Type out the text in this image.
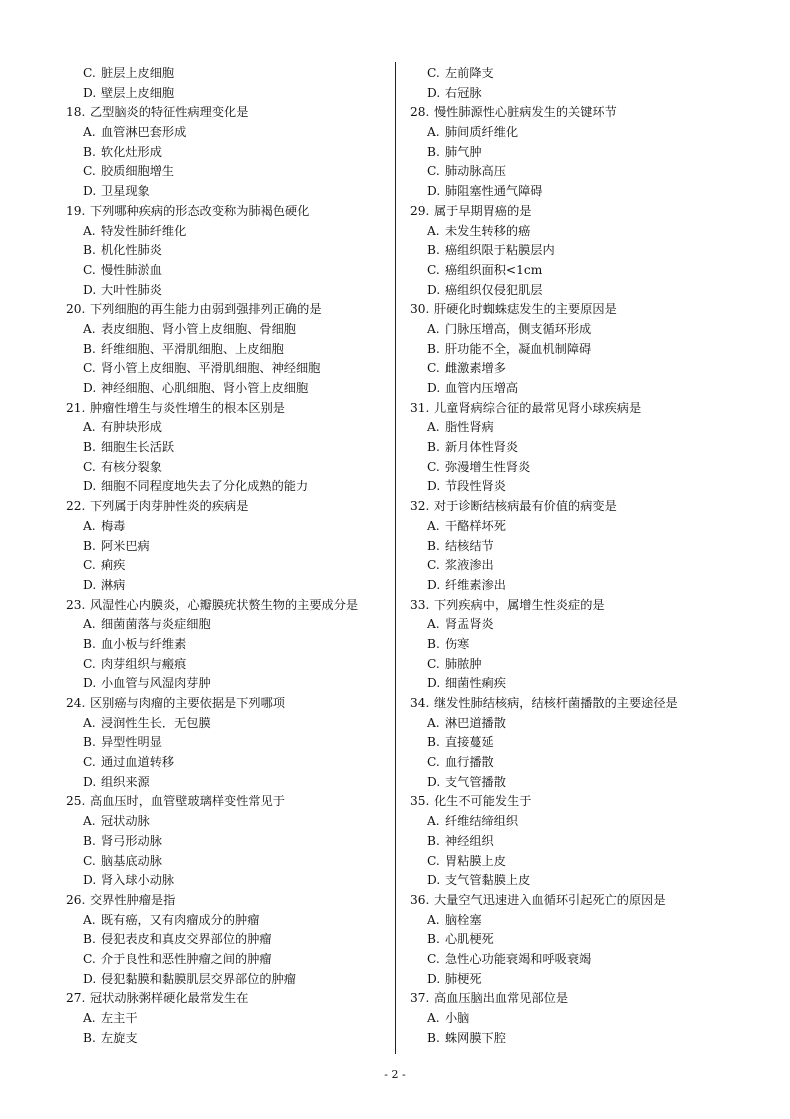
C. 脏层上皮细胞
D. 壁层上皮细胞
18. 乙型脑炎的特征性病理变化是
A. 血管淋巴套形成
B. 软化灶形成
C. 胶质细胞增生
D. 卫星现象
19. 下列哪种疾病的形态改变称为肺褐色硬化
A. 特发性肺纤维化
B. 机化性肺炎
C. 慢性肺淤血
D. 大叶性肺炎
20. 下列细胞的再生能力由弱到强排列正确的是
A. 表皮细胞、肾小管上皮细胞、骨细胞
B. 纤维细胞、平滑肌细胞、上皮细胞
C. 肾小管上皮细胞、平滑肌细胞、神经细胞
D. 神经细胞、心肌细胞、肾小管上皮细胞
21. 肿瘤性增生与炎性增生的根本区别是
A. 有肿块形成
B. 细胞生长活跃
C. 有核分裂象
D. 细胞不同程度地失去了分化成熟的能力
22. 下列属于肉芽肿性炎的疾病是
A. 梅毒
B. 阿米巴病
C. 痢疾
D. 淋病
23. 风湿性心内膜炎，心瓣膜疣状赘生物的主要成分是
A. 细菌菌落与炎症细胞
B. 血小板与纤维素
C. 肉芽组织与瘢痕
D. 小血管与风湿肉芽肿
24. 区别癌与肉瘤的主要依据是下列哪项
A. 浸润性生长．无包膜
B. 异型性明显
C. 通过血道转移
D. 组织来源
25. 高血压时，血管壁玻璃样变性常见于
A. 冠状动脉
B. 肾弓形动脉
C. 脑基底动脉
D. 肾入球小动脉
26. 交界性肿瘤是指
A. 既有癌，又有肉瘤成分的肿瘤
B. 侵犯表皮和真皮交界部位的肿瘤
C. 介于良性和恶性肿瘤之间的肿瘤
D. 侵犯黏膜和黏膜肌层交界部位的肿瘤
27. 冠状动脉粥样硬化最常发生在
A. 左主干
B. 左旋支
C. 左前降支
D. 右冠脉
28. 慢性肺源性心脏病发生的关键环节
A. 肺间质纤维化
B. 肺气肿
C. 肺动脉高压
D. 肺阻塞性通气障碍
29. 属于早期胃癌的是
A. 未发生转移的癌
B. 癌组织限于粘膜层内
C. 癌组织面积<1cm
D. 癌组织仅侵犯肌层
30. 肝硬化时蜘蛛痣发生的主要原因是
A. 门脉压增高，侧支循环形成
B. 肝功能不全，凝血机制障碍
C. 雌激素增多
D. 血管内压增高
31. 儿童肾病综合征的最常见肾小球疾病是
A. 脂性肾病
B. 新月体性肾炎
C. 弥漫增生性肾炎
D. 节段性肾炎
32. 对于诊断结核病最有价值的病变是
A. 干酪样坏死
B. 结核结节
C. 浆液渗出
D. 纤维素渗出
33. 下列疾病中，属增生性炎症的是
A. 肾盂肾炎
B. 伤寒
C. 肺脓肿
D. 细菌性痢疾
34. 继发性肺结核病，结核杆菌播散的主要途径是
A. 淋巴道播散
B. 直接蔓延
C. 血行播散
D. 支气管播散
35. 化生不可能发生于
A. 纤维结缔组织
B. 神经组织
C. 胃粘膜上皮
D. 支气管黏膜上皮
36. 大量空气迅速进入血循环引起死亡的原因是
A. 脑栓塞
B. 心肌梗死
C. 急性心功能衰竭和呼吸衰竭
D. 肺梗死
37. 高血压脑出血常见部位是
A. 小脑
B. 蛛网膜下腔
- 2 -
